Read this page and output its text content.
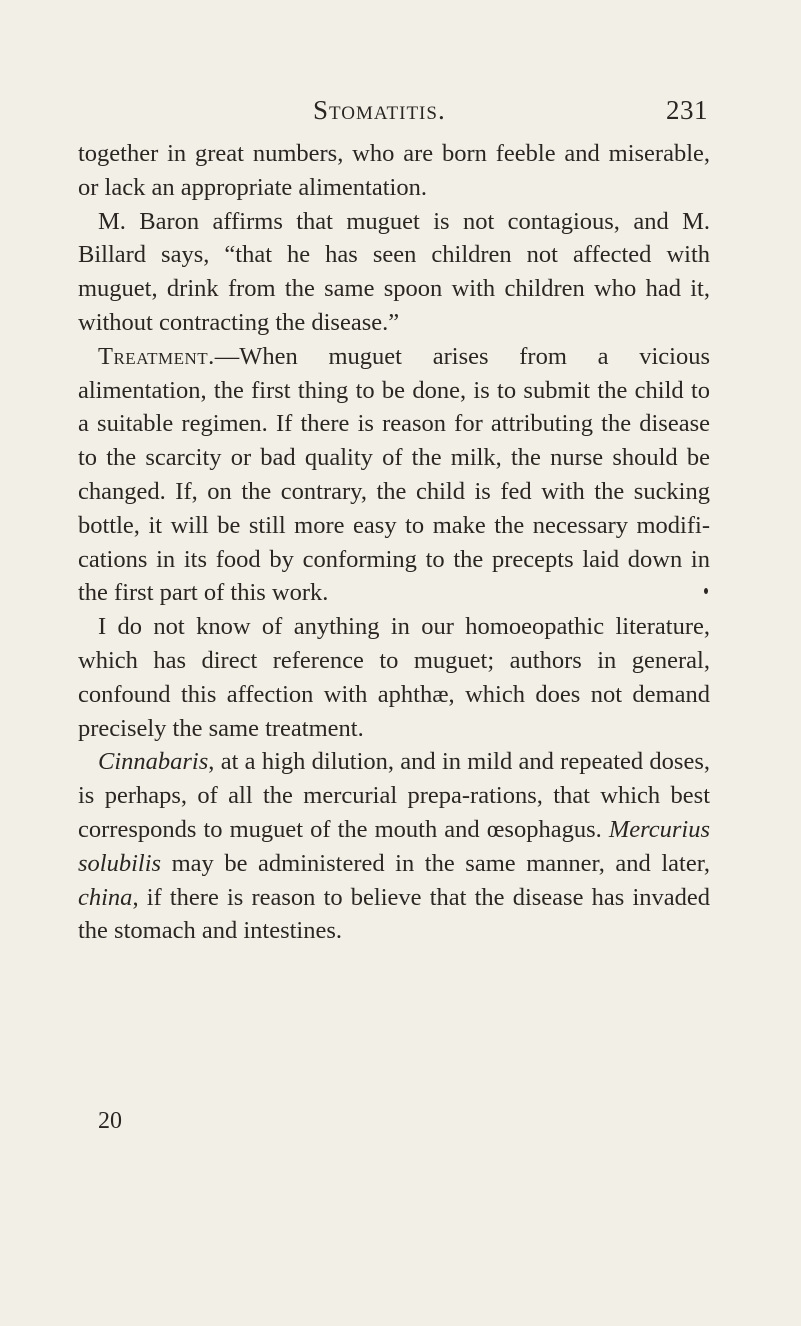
Stomatitis.	231

together in great numbers, who are born feeble and miserable, or lack an appropriate alimentation.

M. Baron affirms that muguet is not contagious, and M. Billard says, “that he has seen children not affected with muguet, drink from the same spoon with children who had it, without contracting the disease.”

Treatment.—When muguet arises from a vicious alimentation, the first thing to be done, is to submit the child to a suitable regimen. If there is reason for attributing the disease to the scarcity or bad quality of the milk, the nurse should be changed. If, on the contrary, the child is fed with the sucking bottle, it will be still more easy to make the necessary modifi-cations in its food by conforming to the precepts laid down in the first part of this work.

I do not know of anything in our homoeopathic literature, which has direct reference to muguet; authors in general, confound this affection with aphthæ, which does not demand precisely the same treatment.

Cinnabaris, at a high dilution, and in mild and repeated doses, is perhaps, of all the mercurial prepa-rations, that which best corresponds to muguet of the mouth and œsophagus. Mercurius solubilis may be administered in the same manner, and later, china, if there is reason to believe that the disease has invaded the stomach and intestines.

20
